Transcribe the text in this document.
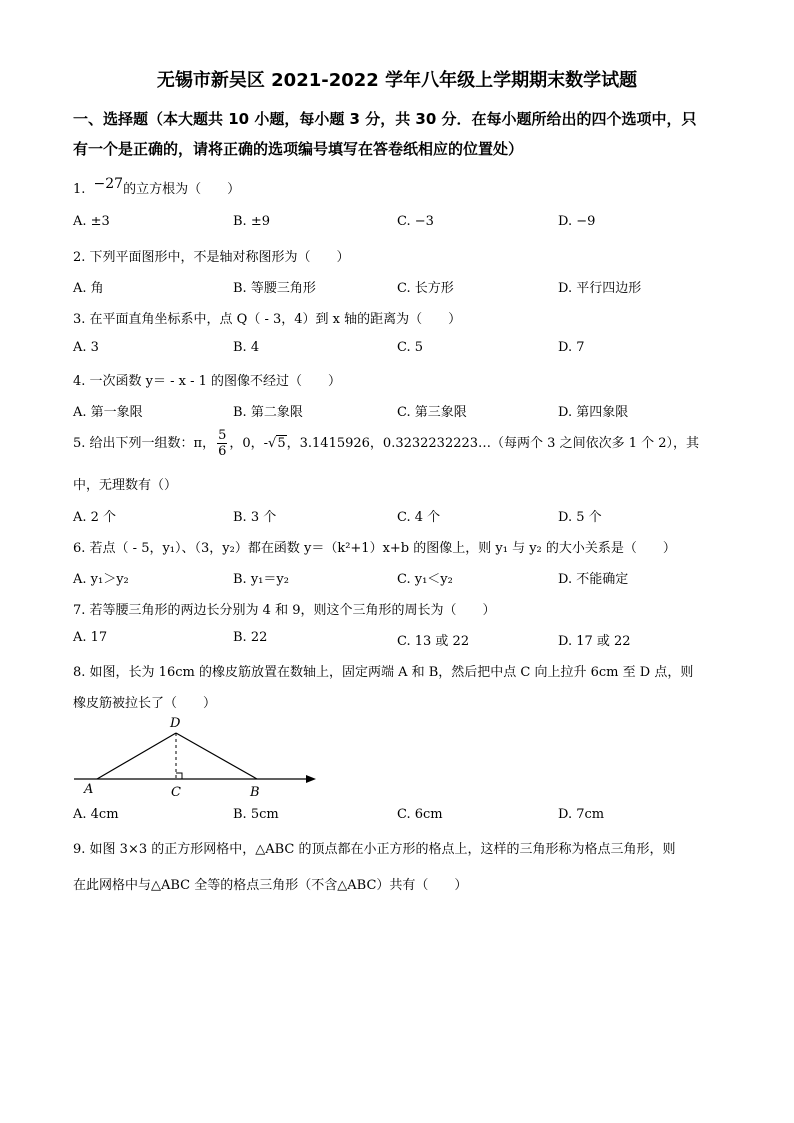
无锡市新吴区 2021-2022 学年八年级上学期期末数学试题
一、选择题（本大题共 10 小题，每小题 3 分，共 30 分．在每小题所给出的四个选项中，只
有一个是正确的，请将正确的选项编号填写在答卷纸相应的位置处）
1. −27的立方根为（　　）
A. ±3	B. ±9	C. −3	D. −9
2. 下列平面图形中，不是轴对称图形为（　　）
A. 角	B. 等腰三角形	C. 长方形	D. 平行四边形
3. 在平面直角坐标系中，点 Q（ - 3，4）到 x 轴的距离为（　　）
A. 3	B. 4	C. 5	D. 7
4. 一次函数 y＝ - x - 1 的图像不经过（　　）
A. 第一象限	B. 第二象限	C. 第三象限	D. 第四象限
5. 给出下列一组数：π， $\frac{5}{6}$ ，0，-√5，3.1415926，0.3232232223…（每两个 3 之间依次多 1 个 2），其
中，无理数有（）
A. 2 个	B. 3 个	C. 4 个	D. 5 个
6. 若点（ - 5，y₁）、（3，y₂）都在函数 y＝（k²+1）x+b 的图像上，则 y₁ 与 y₂ 的大小关系是（　　）
A. y₁＞y₂	B. y₁＝y₂	C. y₁＜y₂	D. 不能确定
7. 若等腰三角形的两边长分别为 4 和 9，则这个三角形的周长为（　　）
A. 17	B. 22	C. 13 或 22	D. 17 或 22
8. 如图，长为 16cm 的橡皮筋放置在数轴上，固定两端 A 和 B，然后把中点 C 向上拉升 6cm 至 D 点，则
橡皮筋被拉长了（　　）
D
A	C	B
A. 4cm	B. 5cm	C. 6cm	D. 7cm
9. 如图 3×3 的正方形网格中，△ABC 的顶点都在小正方形的格点上，这样的三角形称为格点三角形，则
在此网格中与△ABC 全等的格点三角形（不含△ABC）共有（　　）
